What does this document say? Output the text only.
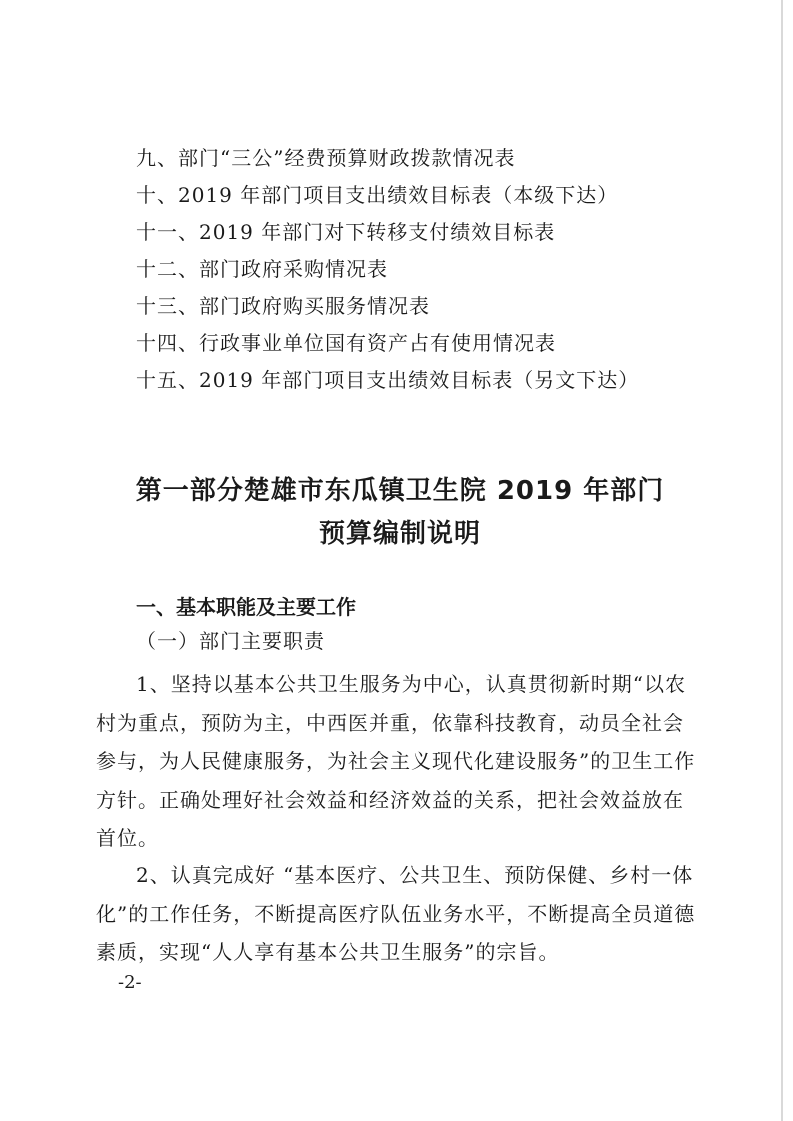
九、部门“三公”经费预算财政拨款情况表
十、2019 年部门项目支出绩效目标表（本级下达）
十一、2019 年部门对下转移支付绩效目标表
十二、部门政府采购情况表
十三、部门政府购买服务情况表
十四、行政事业单位国有资产占有使用情况表
十五、2019 年部门项目支出绩效目标表（另文下达）
第一部分楚雄市东瓜镇卫生院 2019 年部门
预算编制说明
一、基本职能及主要工作
（一）部门主要职责
1、坚持以基本公共卫生服务为中心，认真贯彻新时期“以农
村为重点，预防为主，中西医并重，依靠科技教育，动员全社会
参与，为人民健康服务，为社会主义现代化建设服务”的卫生工作
方针。正确处理好社会效益和经济效益的关系，把社会效益放在
首位。
2、认真完成好 “基本医疗、公共卫生、预防保健、乡村一体
化”的工作任务，不断提高医疗队伍业务水平，不断提高全员道德
素质，实现“人人享有基本公共卫生服务”的宗旨。
-2-
